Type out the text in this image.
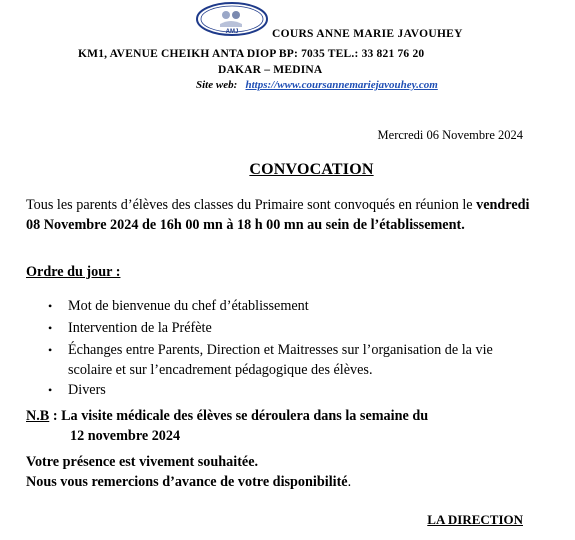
AMJ	COURS ANNE MARIE JAVOUHEY
KM1, AVENUE CHEIKH ANTA DIOP BP: 7035 TEL.: 33 821 76 20
DAKAR – MEDINA
Site web: https://www.coursannemariejavouhey.com
Mercredi 06 Novembre 2024
CONVOCATION
Tous les parents d’élèves des classes du Primaire sont convoqués en réunion le vendredi 08 Novembre 2024 de 16h 00 mn à 18 h 00 mn au sein de l’établissement.
Ordre du jour :
• Mot de bienvenue du chef d’établissement
• Intervention de la Préfète
• Échanges entre Parents, Direction et Maitresses sur l’organisation de la vie scolaire et sur l’encadrement pédagogique des élèves.
• Divers
N.B : La visite médicale des élèves se déroulera dans la semaine du
12 novembre 2024
Votre présence est vivement souhaitée.
Nous vous remercions d’avance de votre disponibilité.
LA DIRECTION
